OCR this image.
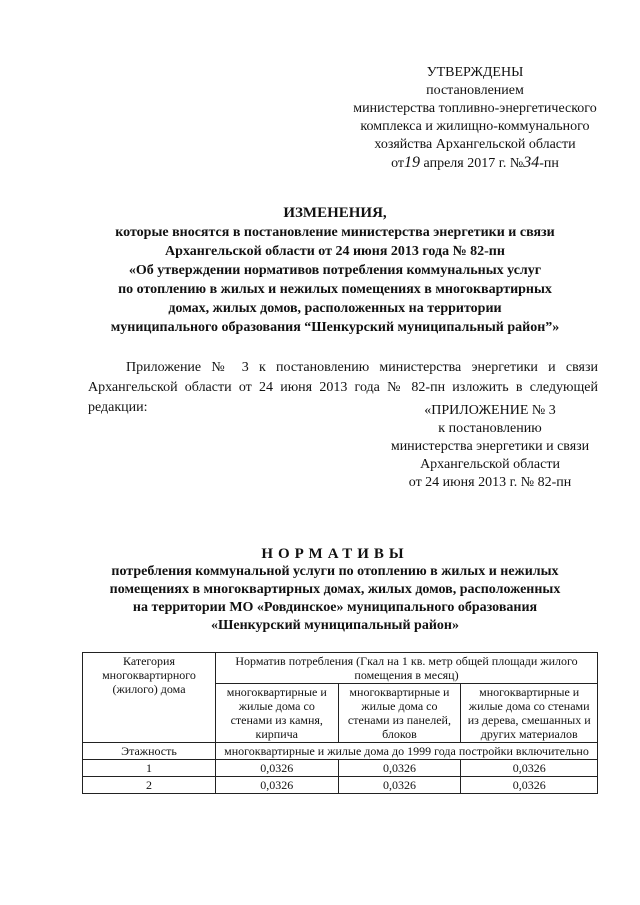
УТВЕРЖДЕНЫ
постановлением
министерства топливно-энергетического
комплекса и жилищно-коммунального
хозяйства Архангельской области
от19 апреля 2017 г. №34-пн
ИЗМЕНЕНИЯ,
которые вносятся в постановление министерства энергетики и связи
Архангельской области от 24 июня 2013 года № 82-пн
«Об утверждении нормативов потребления коммунальных услуг
по отоплению в жилых и нежилых помещениях в многоквартирных
домах, жилых домов, расположенных на территории
муниципального образования “Шенкурский муниципальный район”»
Приложение № 3 к постановлению министерства энергетики и связи Архангельской области от 24 июня 2013 года № 82-пн изложить в следующей редакции:	«ПРИЛОЖЕНИЕ № 3
к постановлению
министерства энергетики и связи
Архангельской области
от 24 июня 2013 г. № 82-пн
НОРМАТИВЫ
потребления коммунальной услуги по отоплению в жилых и нежилых
помещениях в многоквартирных домах, жилых домов, расположенных
на территории МО «Ровдинское» муниципального образования
«Шенкурский муниципальный район»
Категория многоквартирного (жилого) дома	Норматив потребления (Гкал на 1 кв. метр общей площади жилого помещения в месяц)		
	многоквартирные и жилые дома со стенами из камня, кирпича	многоквартирные и жилые дома со стенами из панелей, блоков	многоквартирные и жилые дома со стенами из дерева, смешанных и других материалов
Этажность	многоквартирные и жилые дома до 1999 года постройки включительно		
1	0,0326	0,0326	0,0326
2	0,0326	0,0326	0,0326
